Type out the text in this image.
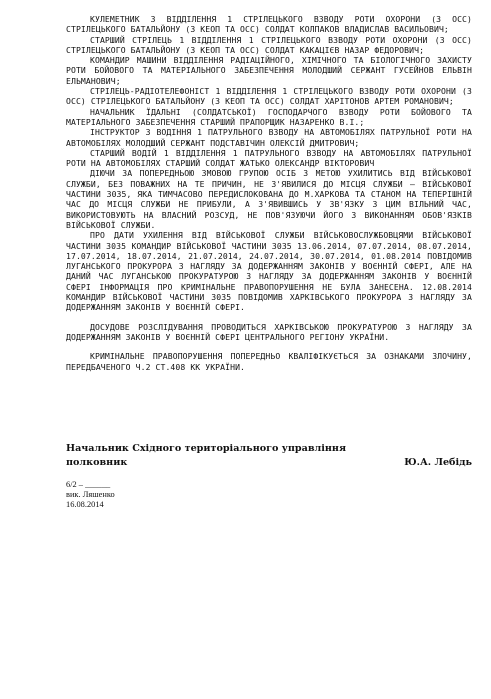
КУЛЕМЕТНИК 3 ВІДДІЛЕННЯ 1 СТРІЛЕЦЬКОГО ВЗВОДУ РОТИ ОХОРОНИ (З ОСС) СТРІЛЕЦЬКОГО БАТАЛЬЙОНУ (З КЕОП ТА ОСС) СОЛДАТ КОЛПАКОВ ВЛАДИСЛАВ ВАСИЛЬОВИЧ;

СТАРШИЙ СТРІЛЕЦЬ 1 ВІДДІЛЕННЯ 1 СТРІЛЕЦЬКОГО ВЗВОДУ РОТИ ОХОРОНИ (З ОСС) СТРІЛЕЦЬКОГО БАТАЛЬЙОНУ (З КЕОП ТА ОСС) СОЛДАТ КАКАЦІЄВ НАЗАР ФЕДОРОВИЧ;

КОМАНДИР МАШИНИ ВІДДІЛЕННЯ РАДІАЦІЙНОГО, ХІМІЧНОГО ТА БІОЛОГІЧНОГО ЗАХИСТУ РОТИ БОЙОВОГО ТА МАТЕРІАЛЬНОГО ЗАБЕЗПЕЧЕННЯ МОЛОДШИЙ СЕРЖАНТ ГУСЕЙНОВ ЕЛЬВІН ЕЛЬМАНОВИЧ;

СТРІЛЕЦЬ-РАДІОТЕЛЕФОНІСТ 1 ВІДДІЛЕННЯ 1 СТРІЛЕЦЬКОГО ВЗВОДУ РОТИ ОХОРОНИ (З ОСС) СТРІЛЕЦЬКОГО БАТАЛЬЙОНУ (З КЕОП ТА ОСС) СОЛДАТ ХАРІТОНОВ АРТЕМ РОМАНОВИЧ;

НАЧАЛЬНИК ЇДАЛЬНІ (СОЛДАТСЬКОЇ) ГОСПОДАРЧОГО ВЗВОДУ РОТИ БОЙОВОГО ТА МАТЕРІАЛЬНОГО ЗАБЕЗПЕЧЕННЯ СТАРШИЙ ПРАПОРЩИК НАЗАРЕНКО В.І.;

ІНСТРУКТОР З ВОДІННЯ 1 ПАТРУЛЬНОГО ВЗВОДУ НА АВТОМОБІЛЯХ ПАТРУЛЬНОЇ РОТИ НА АВТОМОБІЛЯХ МОЛОДШИЙ СЕРЖАНТ ПОДСТАВІЧИН ОЛЕКСІЙ ДМИТРОВИЧ;

СТАРШИЙ ВОДІЙ 1 ВІДДІЛЕННЯ 1 ПАТРУЛЬНОГО ВЗВОДУ НА АВТОМОБІЛЯХ ПАТРУЛЬНОЇ РОТИ НА АВТОМОБІЛЯХ СТАРШИЙ СОЛДАТ ЖАТЬКО ОЛЕКСАНДР ВІКТОРОВИЧ

ДІЮЧИ ЗА ПОПЕРЕДНЬОЮ ЗМОВОЮ ГРУПОЮ ОСІБ З МЕТОЮ УХИЛИТИСЬ ВІД ВІЙСЬКОВОЇ СЛУЖБИ, БЕЗ ПОВАЖНИХ НА ТЕ ПРИЧИН, НЕ З'ЯВИЛИСЯ ДО МІСЦЯ СЛУЖБИ – ВІЙСЬКОВОЇ ЧАСТИНИ 3035, ЯКА ТИМЧАСОВО ПЕРЕДИСЛОКОВАНА ДО М.ХАРКОВА ТА СТАНОМ НА ТЕПЕРІШНІЙ ЧАС ДО МІСЦЯ СЛУЖБИ НЕ ПРИБУЛИ, А З'ЯВИВШИСЬ У ЗВ'ЯЗКУ З ЦИМ ВІЛЬНИЙ ЧАС, ВИКОРИСТОВУЮТЬ НА ВЛАСНИЙ РОЗСУД, НЕ ПОВ'ЯЗУЮЧИ ЙОГО З ВИКОНАННЯМ ОБОВ'ЯЗКІВ ВІЙСЬКОВОЇ СЛУЖБИ.

ПРО ДАТИ УХИЛЕННЯ ВІД ВІЙСЬКОВОЇ СЛУЖБИ ВІЙСЬКОВОСЛУЖБОВЦЯМИ ВІЙСЬКОВОЇ ЧАСТИНИ 3035 КОМАНДИР ВІЙСЬКОВОЇ ЧАСТИНИ 3035 13.06.2014, 07.07.2014, 08.07.2014, 17.07.2014, 18.07.2014, 21.07.2014, 24.07.2014, 30.07.2014, 01.08.2014 ПОВІДОМИВ ЛУГАНСЬКОГО ПРОКУРОРА З НАГЛЯДУ ЗА ДОДЕРЖАННЯМ ЗАКОНІВ У ВОЄННІЙ СФЕРІ, АЛЕ НА ДАНИЙ ЧАС ЛУГАНСЬКОЮ ПРОКУРАТУРОЮ З НАГЛЯДУ ЗА ДОДЕРЖАННЯМ ЗАКОНІВ У ВОЄННІЙ СФЕРІ ІНФОРМАЦІЯ ПРО КРИМІНАЛЬНЕ ПРАВОПОРУШЕННЯ НЕ БУЛА ЗАНЕСЕНА. 12.08.2014 КОМАНДИР ВІЙСЬКОВОЇ ЧАСТИНИ 3035 ПОВІДОМИВ ХАРКІВСЬКОГО ПРОКУРОРА З НАГЛЯДУ ЗА ДОДЕРЖАННЯМ ЗАКОНІВ У ВОЄННІЙ СФЕРІ.

ДОСУДОВЕ РОЗСЛІДУВАННЯ ПРОВОДИТЬСЯ ХАРКІВСЬКОЮ ПРОКУРАТУРОЮ З НАГЛЯДУ ЗА ДОДЕРЖАННЯМ ЗАКОНІВ У ВОЄННІЙ СФЕРІ ЦЕНТРАЛЬНОГО РЕГІОНУ УКРАЇНИ.

КРИМІНАЛЬНЕ ПРАВОПОРУШЕННЯ ПОПЕРЕДНЬО КВАЛІФІКУЄТЬСЯ ЗА ОЗНАКАМИ ЗЛОЧИНУ, ПЕРЕДБАЧЕНОГО Ч.2 СТ.408 КК УКРАЇНИ.

Начальник Східного територіального управління
полковник	Ю.А. Лебідь
6/2 – ______
вик. Ляшенко
16.08.2014
